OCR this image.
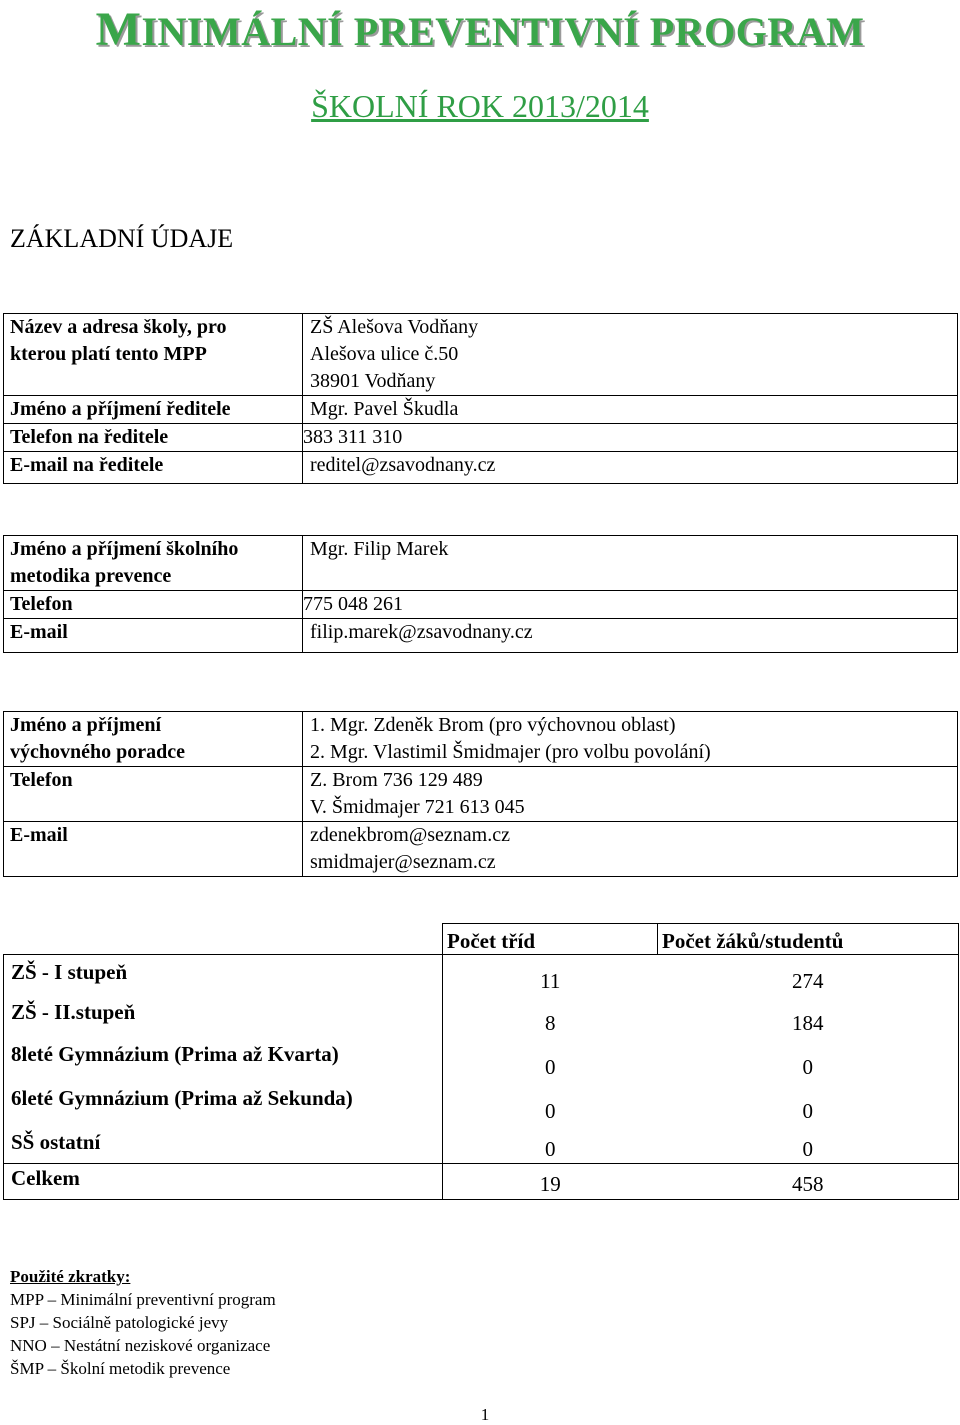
MINIMÁLNÍ PREVENTIVNÍ PROGRAM
ŠKOLNÍ ROK 2013/2014
ZÁKLADNÍ ÚDAJE
Název a adresa školy, pro
kterou platí tento MPP	ZŠ Alešova Vodňany
Alešova ulice č.50
38901 Vodňany
Jméno a příjmení ředitele	Mgr. Pavel Škudla
Telefon na ředitele	383 311 310
E-mail na ředitele	reditel@zsavodnany.cz
Jméno a příjmení školního
metodika prevence	Mgr. Filip Marek
Telefon	775 048 261
E-mail	filip.marek@zsavodnany.cz
Jméno a příjmení
výchovného poradce	1. Mgr. Zdeněk Brom (pro výchovnou oblast)
2. Mgr. Vlastimil Šmidmajer (pro volbu povolání)
Telefon	Z. Brom 736 129 489
V. Šmidmajer 721 613 045
E-mail	zdenekbrom@seznam.cz
smidmajer@seznam.cz
	Počet tříd	Počet žáků/studentů
ZŠ - I stupeň	11	274
ZŠ - II.stupeň	8	184
8leté Gymnázium (Prima až Kvarta)	0	0
6leté Gymnázium (Prima až Sekunda)	0	0
SŠ ostatní	0	0
Celkem	19	458
Použité zkratky:
MPP – Minimální preventivní program
SPJ – Sociálně patologické jevy
NNO – Nestátní neziskové organizace
ŠMP – Školní metodik prevence
1
